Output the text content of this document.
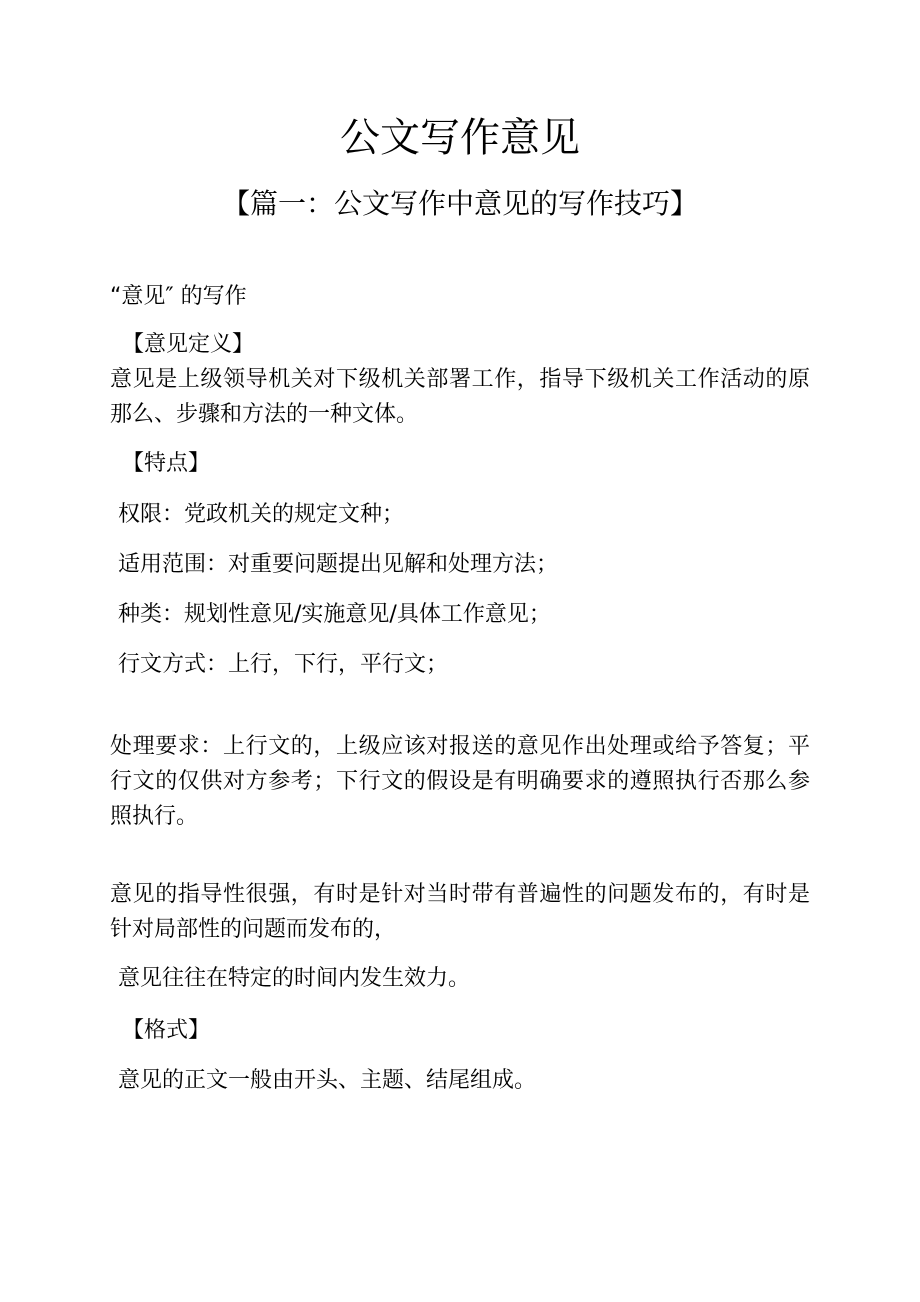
公文写作意见
【篇一：公文写作中意见的写作技巧】

“意见″ 的写作

【意见定义】

意见是上级领导机关对下级机关部署工作，指导下级机关工作活动的原那么、步骤和方法的一种文体。

【特点】

权限：党政机关的规定文种；

适用范围：对重要问题提出见解和处理方法；

种类：规划性意见/实施意见/具体工作意见；

行文方式：上行，下行，平行文；

处理要求：上行文的，上级应该对报送的意见作出处理或给予答复；平行文的仅供对方参考；下行文的假设是有明确要求的遵照执行否那么参照执行。

意见的指导性很强，有时是针对当时带有普遍性的问题发布的，有时是针对局部性的问题而发布的，

意见往往在特定的时间内发生效力。

【格式】

意见的正文一般由开头、主题、结尾组成。
